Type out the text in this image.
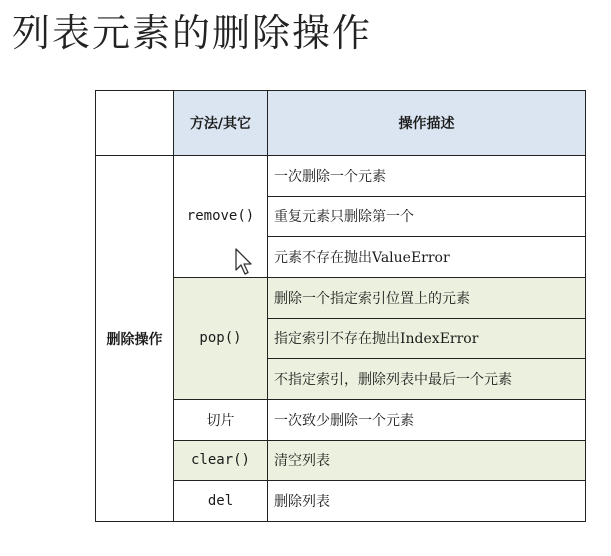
列表元素的删除操作
	方法/其它	操作描述
删除操作	remove()	一次删除一个元素
		重复元素只删除第一个
		元素不存在抛出ValueError
	pop()	删除一个指定索引位置上的元素
		指定索引不存在抛出IndexError
		不指定索引，删除列表中最后一个元素
	切片	一次致少删除一个元素
	clear()	清空列表
	del	删除列表
